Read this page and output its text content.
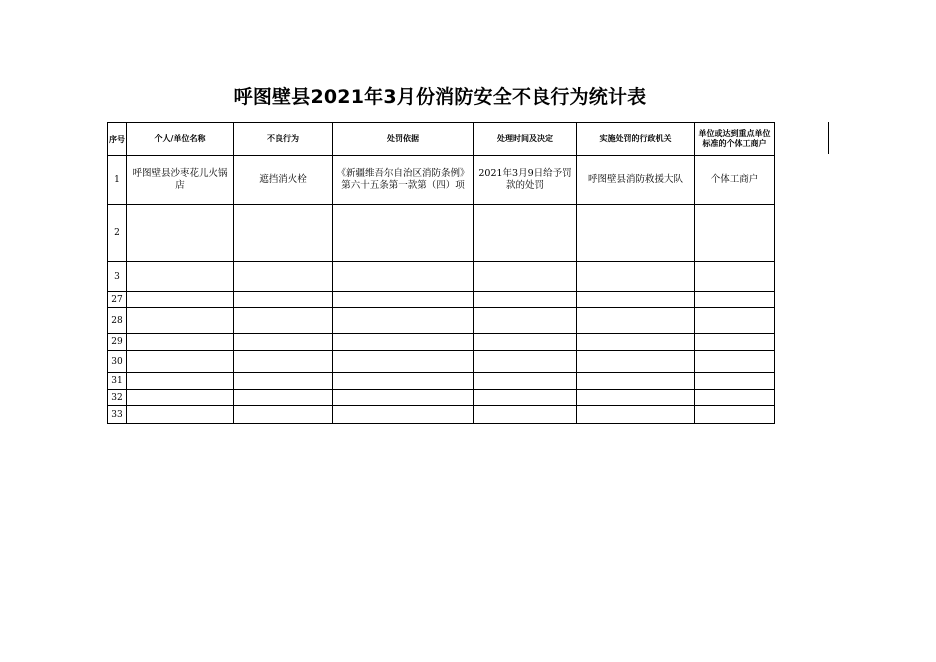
呼图壁县2021年3月份消防安全不良行为统计表
序号	个人/单位名称	不良行为	处罚依据	处理时间及决定	实施处罚的行政机关	单位或达到重点单位标准的个体工商户
1	呼图壁县沙枣花儿火锅店	遮挡消火栓	《新疆维吾尔自治区消防条例》第六十五条第一款第（四）项	2021年3月9日给予罚款的处罚	呼图壁县消防救援大队	个体工商户
2						
3						
27						
28						
29						
30						
31						
32						
33						
